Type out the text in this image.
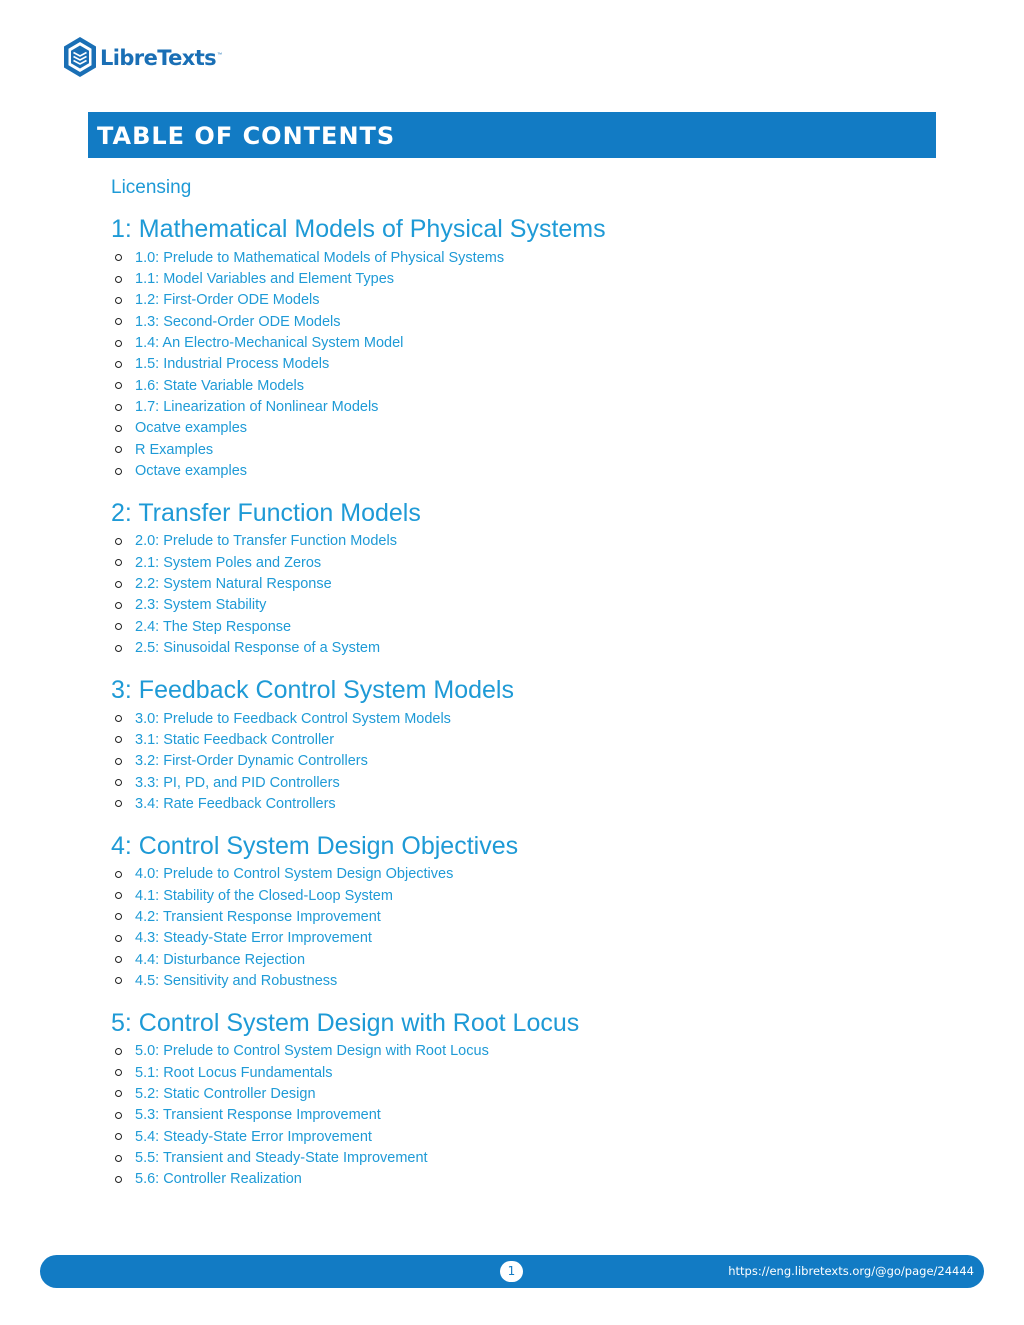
LibreTexts ™
TABLE OF CONTENTS
Licensing
1: Mathematical Models of Physical Systems
1.0: Prelude to Mathematical Models of Physical Systems
1.1: Model Variables and Element Types
1.2: First-Order ODE Models
1.3: Second-Order ODE Models
1.4: An Electro-Mechanical System Model
1.5: Industrial Process Models
1.6: State Variable Models
1.7: Linearization of Nonlinear Models
Ocatve examples
R Examples
Octave examples
2: Transfer Function Models
2.0: Prelude to Transfer Function Models
2.1: System Poles and Zeros
2.2: System Natural Response
2.3: System Stability
2.4: The Step Response
2.5: Sinusoidal Response of a System
3: Feedback Control System Models
3.0: Prelude to Feedback Control System Models
3.1: Static Feedback Controller
3.2: First-Order Dynamic Controllers
3.3: PI, PD, and PID Controllers
3.4: Rate Feedback Controllers
4: Control System Design Objectives
4.0: Prelude to Control System Design Objectives
4.1: Stability of the Closed-Loop System
4.2: Transient Response Improvement
4.3: Steady-State Error Improvement
4.4: Disturbance Rejection
4.5: Sensitivity and Robustness
5: Control System Design with Root Locus
5.0: Prelude to Control System Design with Root Locus
5.1: Root Locus Fundamentals
5.2: Static Controller Design
5.3: Transient Response Improvement
5.4: Steady-State Error Improvement
5.5: Transient and Steady-State Improvement
5.6: Controller Realization
1	https://eng.libretexts.org/@go/page/24444
